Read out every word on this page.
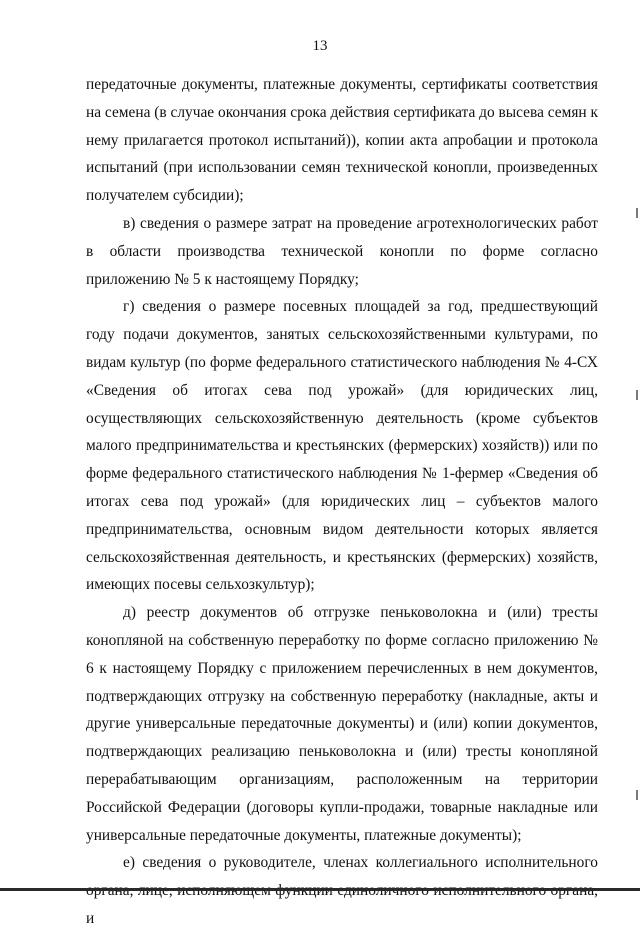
13

передаточные документы, платежные документы, сертификаты соответствия на семена (в случае окончания срока действия сертификата до высева семян к нему прилагается протокол испытаний)), копии акта апробации и протокола испытаний (при использовании семян технической конопли, произведенных получателем субсидии);

в) сведения о размере затрат на проведение агротехнологических работ в области производства технической конопли по форме согласно приложению № 5 к настоящему Порядку;

г) сведения о размере посевных площадей за год, предшествующий году подачи документов, занятых сельскохозяйственными культурами, по видам культур (по форме федерального статистического наблюдения № 4-СХ «Сведения об итогах сева под урожай» (для юридических лиц, осуществляющих сельскохозяйственную деятельность (кроме субъектов малого предпринимательства и крестьянских (фермерских) хозяйств)) или по форме федерального статистического наблюдения № 1-фермер «Сведения об итогах сева под урожай» (для юридических лиц – субъектов малого предпринимательства, основным видом деятельности которых является сельскохозяйственная деятельность, и крестьянских (фермерских) хозяйств, имеющих посевы сельхозкультур);

д) реестр документов об отгрузке пеньковолокна и (или) тресты конопляной на собственную переработку по форме согласно приложению № 6 к настоящему Порядку с приложением перечисленных в нем документов, подтверждающих отгрузку на собственную переработку (накладные, акты и другие универсальные передаточные документы) и (или) копии документов, подтверждающих реализацию пеньковолокна и (или) тресты конопляной перерабатывающим организациям, расположенным на территории Российской Федерации (договоры купли-продажи, товарные накладные или универсальные передаточные документы, платежные документы);

е) сведения о руководителе, членах коллегиального исполнительного и
